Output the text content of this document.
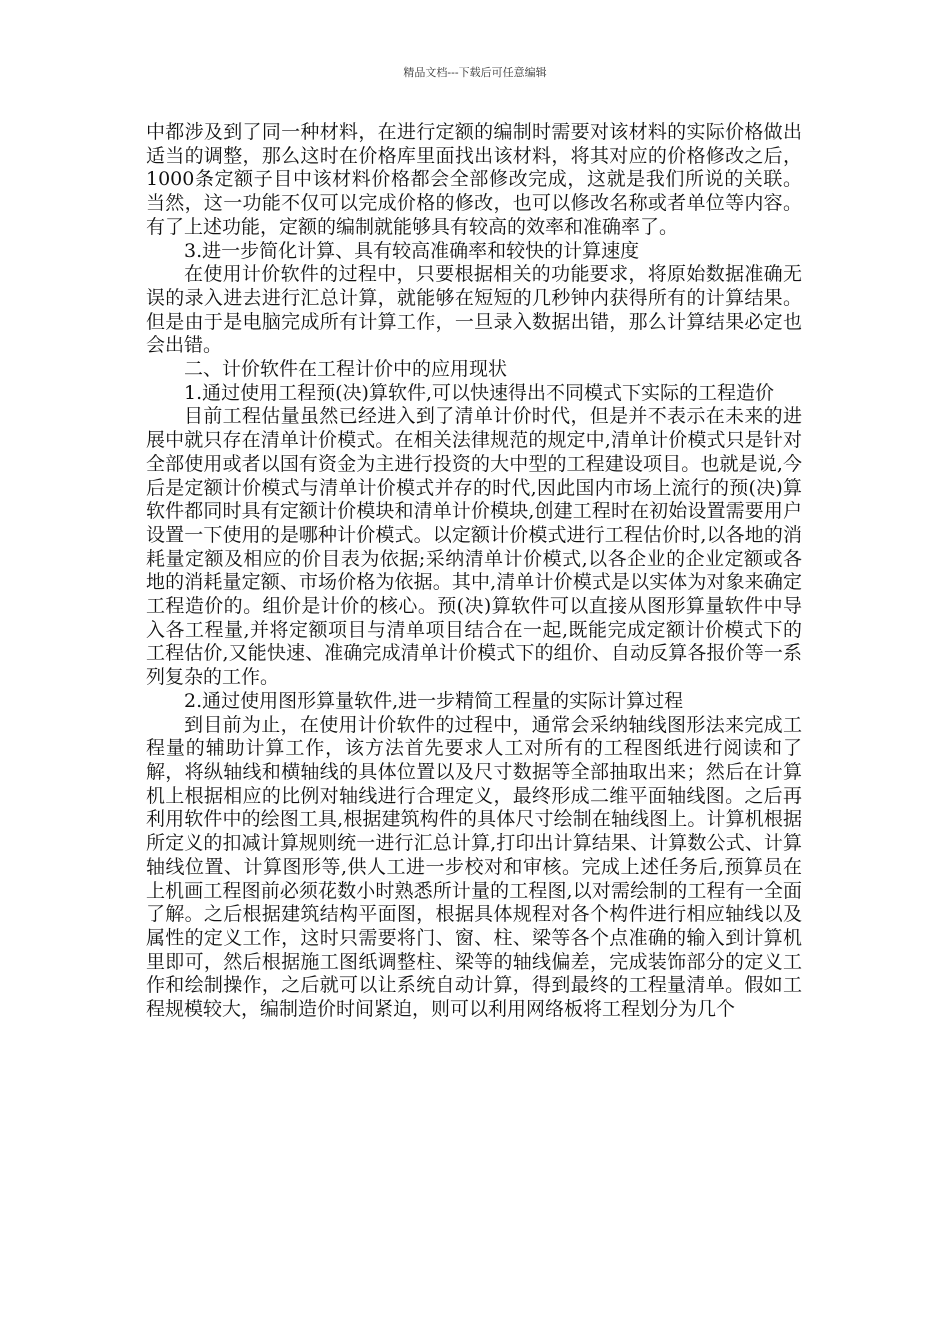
精品文档---下载后可任意编辑

中都涉及到了同一种材料，在进行定额的编制时需要对该材料的实际价格做出适当的调整，那么这时在价格库里面找出该材料，将其对应的价格修改之后，1000条定额子目中该材料价格都会全部修改完成，这就是我们所说的关联。当然，这一功能不仅可以完成价格的修改，也可以修改名称或者单位等内容。有了上述功能，定额的编制就能够具有较高的效率和准确率了。

3.进一步简化计算、具有较高准确率和较快的计算速度

在使用计价软件的过程中，只要根据相关的功能要求，将原始数据准确无误的录入进去进行汇总计算，就能够在短短的几秒钟内获得所有的计算结果。但是由于是电脑完成所有计算工作，一旦录入数据出错，那么计算结果必定也会出错。

二、计价软件在工程计价中的应用现状

1.通过使用工程预(决)算软件,可以快速得出不同模式下实际的工程造价

目前工程估量虽然已经进入到了清单计价时代，但是并不表示在未来的进展中就只存在清单计价模式。在相关法律规范的规定中,清单计价模式只是针对全部使用或者以国有资金为主进行投资的大中型的工程建设项目。也就是说,今后是定额计价模式与清单计价模式并存的时代,因此国内市场上流行的预(决)算软件都同时具有定额计价模块和清单计价模块,创建工程时在初始设置需要用户设置一下使用的是哪种计价模式。以定额计价模式进行工程估价时,以各地的消耗量定额及相应的价目表为依据;采纳清单计价模式,以各企业的企业定额或各地的消耗量定额、市场价格为依据。其中,清单计价模式是以实体为对象来确定工程造价的。组价是计价的核心。预(决)算软件可以直接从图形算量软件中导入各工程量,并将定额项目与清单项目结合在一起,既能完成定额计价模式下的工程估价,又能快速、准确完成清单计价模式下的组价、自动反算各报价等一系列复杂的工作。

2.通过使用图形算量软件,进一步精简工程量的实际计算过程

到目前为止，在使用计价软件的过程中，通常会采纳轴线图形法来完成工程量的辅助计算工作，该方法首先要求人工对所有的工程图纸进行阅读和了解，将纵轴线和横轴线的具体位置以及尺寸数据等全部抽取出来；然后在计算机上根据相应的比例对轴线进行合理定义，最终形成二维平面轴线图。之后再利用软件中的绘图工具,根据建筑构件的具体尺寸绘制在轴线图上。计算机根据所定义的扣减计算规则统一进行汇总计算,打印出计算结果、计算数公式、计算轴线位置、计算图形等,供人工进一步校对和审核。完成上述任务后,预算员在上机画工程图前必须花数小时熟悉所计量的工程图,以对需绘制的工程有一全面了解。之后根据建筑结构平面图，根据具体规程对各个构件进行相应轴线以及属性的定义工作，这时只需要将门、窗、柱、梁等各个点准确的输入到计算机里即可，然后根据施工图纸调整柱、梁等的轴线偏差，完成装饰部分的定义工作和绘制操作，之后就可以让系统自动计算，得到最终的工程量清单。假如工程规模较大，编制造价时间紧迫，则可以利用网络板将工程划分为几个
